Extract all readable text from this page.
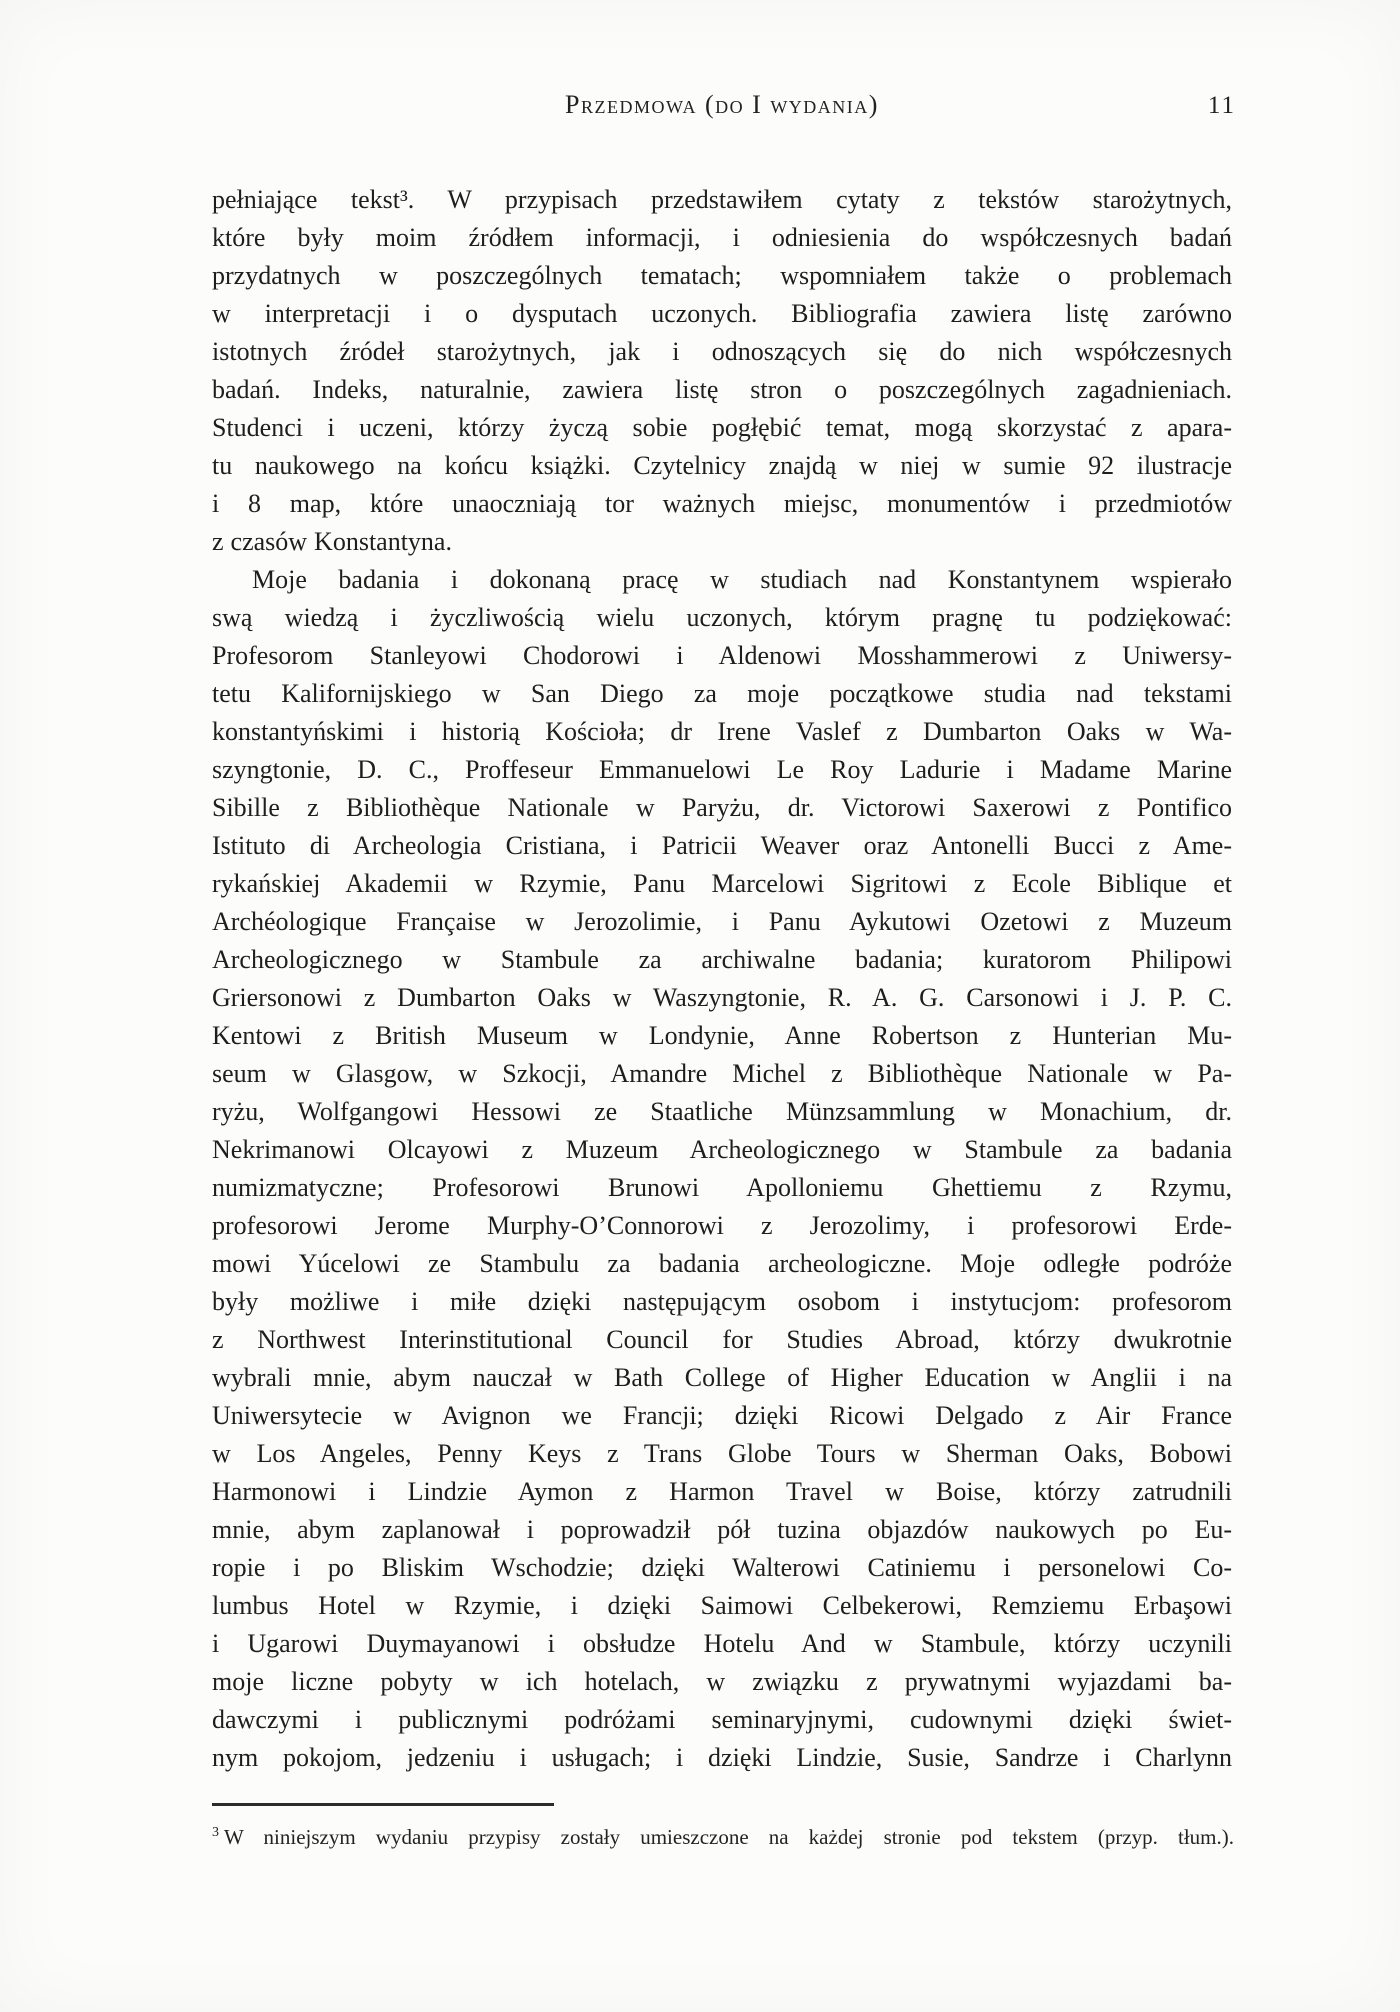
Przedmowa (do I wydania)	11
pełniające tekst³. W przypisach przedstawiłem cytaty z tekstów starożytnych,
które były moim źródłem informacji, i odniesienia do współczesnych badań
przydatnych w poszczególnych tematach; wspomniałem także o problemach
w interpretacji i o dysputach uczonych. Bibliografia zawiera listę zarówno
istotnych źródeł starożytnych, jak i odnoszących się do nich współczesnych
badań. Indeks, naturalnie, zawiera listę stron o poszczególnych zagadnieniach.
Studenci i uczeni, którzy życzą sobie pogłębić temat, mogą skorzystać z apara-
tu naukowego na końcu książki. Czytelnicy znajdą w niej w sumie 92 ilustracje
i 8 map, które unaoczniają tor ważnych miejsc, monumentów i przedmiotów
z czasów Konstantyna.
Moje badania i dokonaną pracę w studiach nad Konstantynem wspierało
swą wiedzą i życzliwością wielu uczonych, którym pragnę tu podziękować:
Profesorom Stanleyowi Chodorowi i Aldenowi Mosshammerowi z Uniwersy-
tetu Kalifornijskiego w San Diego za moje początkowe studia nad tekstami
konstantyńskimi i historią Kościoła; dr Irene Vaslef z Dumbarton Oaks w Wa-
szyngtonie, D. C., Proffeseur Emmanuelowi Le Roy Ladurie i Madame Marine
Sibille z Bibliothèque Nationale w Paryżu, dr. Victorowi Saxerowi z Pontifico
Istituto di Archeologia Cristiana, i Patricii Weaver oraz Antonelli Bucci z Ame-
rykańskiej Akademii w Rzymie, Panu Marcelowi Sigritowi z Ecole Biblique et
Archéologique Française w Jerozolimie, i Panu Aykutowi Ozetowi z Muzeum
Archeologicznego w Stambule za archiwalne badania; kuratorom Philipowi
Griersonowi z Dumbarton Oaks w Waszyngtonie, R. A. G. Carsonowi i J. P. C.
Kentowi z British Museum w Londynie, Anne Robertson z Hunterian Mu-
seum w Glasgow, w Szkocji, Amandre Michel z Bibliothèque Nationale w Pa-
ryżu, Wolfgangowi Hessowi ze Staatliche Münzsammlung w Monachium, dr.
Nekrimanowi Olcayowi z Muzeum Archeologicznego w Stambule za badania
numizmatyczne; Profesorowi Brunowi Apolloniemu Ghettiemu z Rzymu,
profesorowi Jerome Murphy-O’Connorowi z Jerozolimy, i profesorowi Erde-
mowi Yúcelowi ze Stambulu za badania archeologiczne. Moje odległe podróże
były możliwe i miłe dzięki następującym osobom i instytucjom: profesorom
z Northwest Interinstitutional Council for Studies Abroad, którzy dwukrotnie
wybrali mnie, abym nauczał w Bath College of Higher Education w Anglii i na
Uniwersytecie w Avignon we Francji; dzięki Ricowi Delgado z Air France
w Los Angeles, Penny Keys z Trans Globe Tours w Sherman Oaks, Bobowi
Harmonowi i Lindzie Aymon z Harmon Travel w Boise, którzy zatrudnili
mnie, abym zaplanował i poprowadził pół tuzina objazdów naukowych po Eu-
ropie i po Bliskim Wschodzie; dzięki Walterowi Catiniemu i personelowi Co-
lumbus Hotel w Rzymie, i dzięki Saimowi Celbekerowi, Remziemu Erbaşowi
i Ugarowi Duymayanowi i obsłudze Hotelu And w Stambule, którzy uczynili
moje liczne pobyty w ich hotelach, w związku z prywatnymi wyjazdami ba-
dawczymi i publicznymi podróżami seminaryjnymi, cudownymi dzięki świet-
nym pokojom, jedzeniu i usługach; i dzięki Lindzie, Susie, Sandrze i Charlynn
$^3$ W niniejszym wydaniu przypisy zostały umieszczone na każdej stronie pod tekstem (przyp. tłum.).
